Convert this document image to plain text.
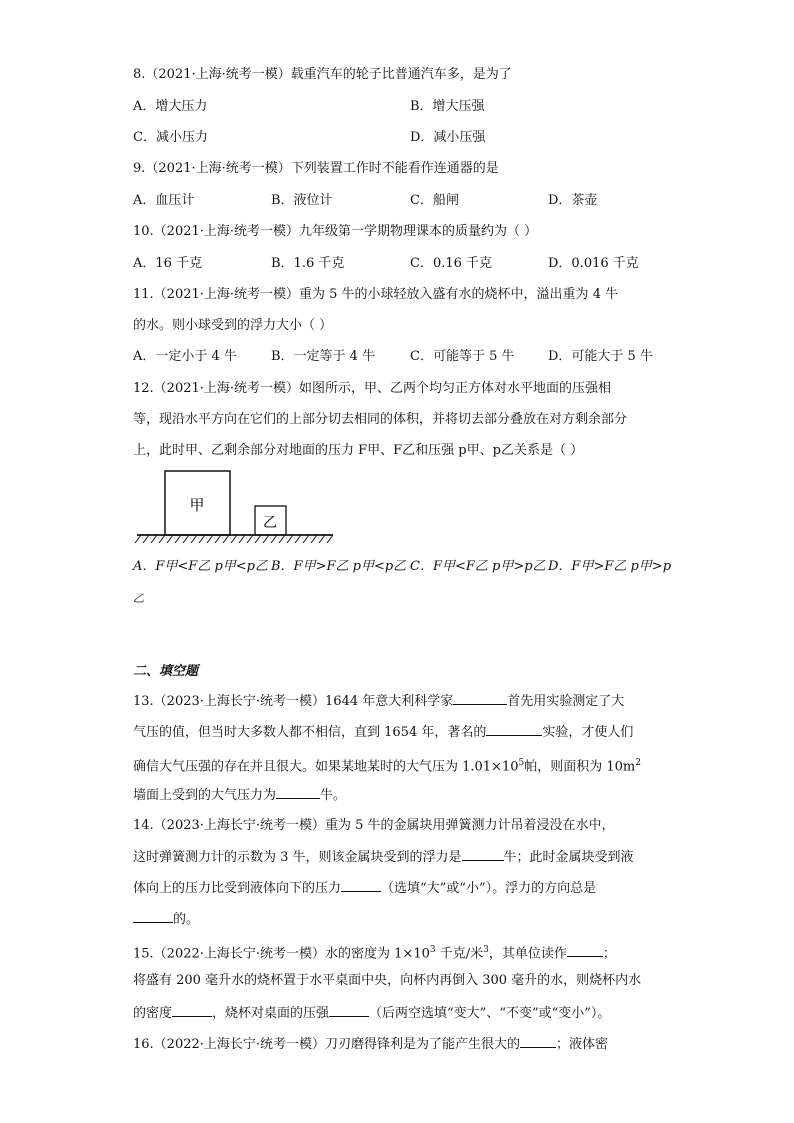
8.（2021·上海·统考一模）载重汽车的轮子比普通汽车多，是为了
A．增大压力	B．增大压强
C．减小压力	D．减小压强
9.（2021·上海·统考一模）下列装置工作时不能看作连通器的是
A．血压计	B．液位计	C．船闸	D．茶壶
10.（2021·上海·统考一模）九年级第一学期物理课本的质量约为（ ）
A．16 千克	B．1.6 千克	C．0.16 千克	D．0.016 千克
11.（2021·上海·统考一模）重为 5 牛的小球轻放入盛有水的烧杯中，溢出重为 4 牛
的水。则小球受到的浮力大小（ ）
A．一定小于 4 牛	B．一定等于 4 牛	C．可能等于 5 牛	D．可能大于 5 牛
12.（2021·上海·统考一模）如图所示，甲、乙两个均匀正方体对水平地面的压强相
等，现沿水平方向在它们的上部分切去相同的体积，并将切去部分叠放在对方剩余部分
上，此时甲、乙剩余部分对地面的压力 F甲、F乙和压强 p甲、p乙关系是（ ）
甲
乙
A．F甲<F乙 p甲<p乙 B．F甲>F乙 p甲<p乙 C．F甲<F乙 p甲>p乙 D．F甲>F乙 p甲>p
乙
二、填空题
13.（2023·上海长宁·统考一模）1644 年意大利科学家	首先用实验测定了大
气压的值，但当时大多数人都不相信，直到 1654 年，著名的	实验，才使人们
确信大气压强的存在并且很大。如果某地某时的大气压为 $1.01\times 10^5$帕，则面积为 $10m^2$
墙面上受到的大气压力为	牛。
14.（2023·上海长宁·统考一模）重为 5 牛的金属块用弹簧测力计吊着浸没在水中，
这时弹簧测力计的示数为 3 牛，则该金属块受到的浮力是	牛；此时金属块受到液
体向上的压力比受到液体向下的压力	（选填“大”或“小”）。浮力的方向总是
的。
15.（2022·上海长宁·统考一模）水的密度为 $1\times 10^3$ 千克/米$^3$，其单位读作	；
将盛有 200 毫升水的烧杯置于水平桌面中央，向杯内再倒入 300 毫升的水，则烧杯内水
的密度	，烧杯对桌面的压强	（后两空选填“变大”、“不变”或“变小”）。
16.（2022·上海长宁·统考一模）刀刃磨得锋利是为了能产生很大的	；液体密
